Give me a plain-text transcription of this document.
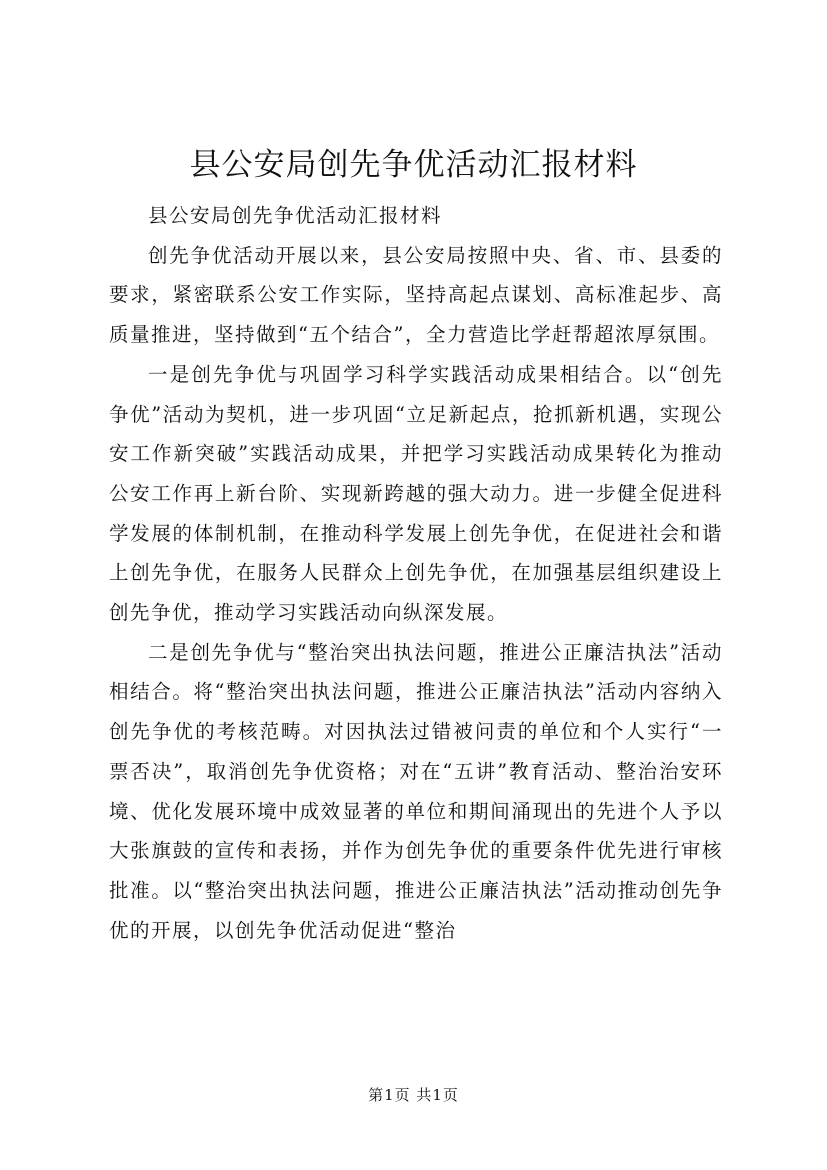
县公安局创先争优活动汇报材料

县公安局创先争优活动汇报材料

创先争优活动开展以来，县公安局按照中央、省、市、县委的要求，紧密联系公安工作实际，坚持高起点谋划、高标准起步、高质量推进，坚持做到“五个结合”，全力营造比学赶帮超浓厚氛围。

一是创先争优与巩固学习科学实践活动成果相结合。以“创先争优”活动为契机，进一步巩固“立足新起点，抢抓新机遇，实现公安工作新突破”实践活动成果，并把学习实践活动成果转化为推动公安工作再上新台阶、实现新跨越的强大动力。进一步健全促进科学发展的体制机制，在推动科学发展上创先争优，在促进社会和谐上创先争优，在服务人民群众上创先争优，在加强基层组织建设上创先争优，推动学习实践活动向纵深发展。

二是创先争优与“整治突出执法问题，推进公正廉洁执法”活动相结合。将“整治突出执法问题，推进公正廉洁执法”活动内容纳入创先争优的考核范畴。对因执法过错被问责的单位和个人实行“一票否决”，取消创先争优资格；对在“五讲”教育活动、整治治安环境、优化发展环境中成效显著的单位和期间涌现出的先进个人予以大张旗鼓的宣传和表扬，并作为创先争优的重要条件优先进行审核批准。以“整治突出执法问题，推进公正廉洁执法”活动推动创先争优的开展，以创先争优活动促进“整治

第1页 共1页
